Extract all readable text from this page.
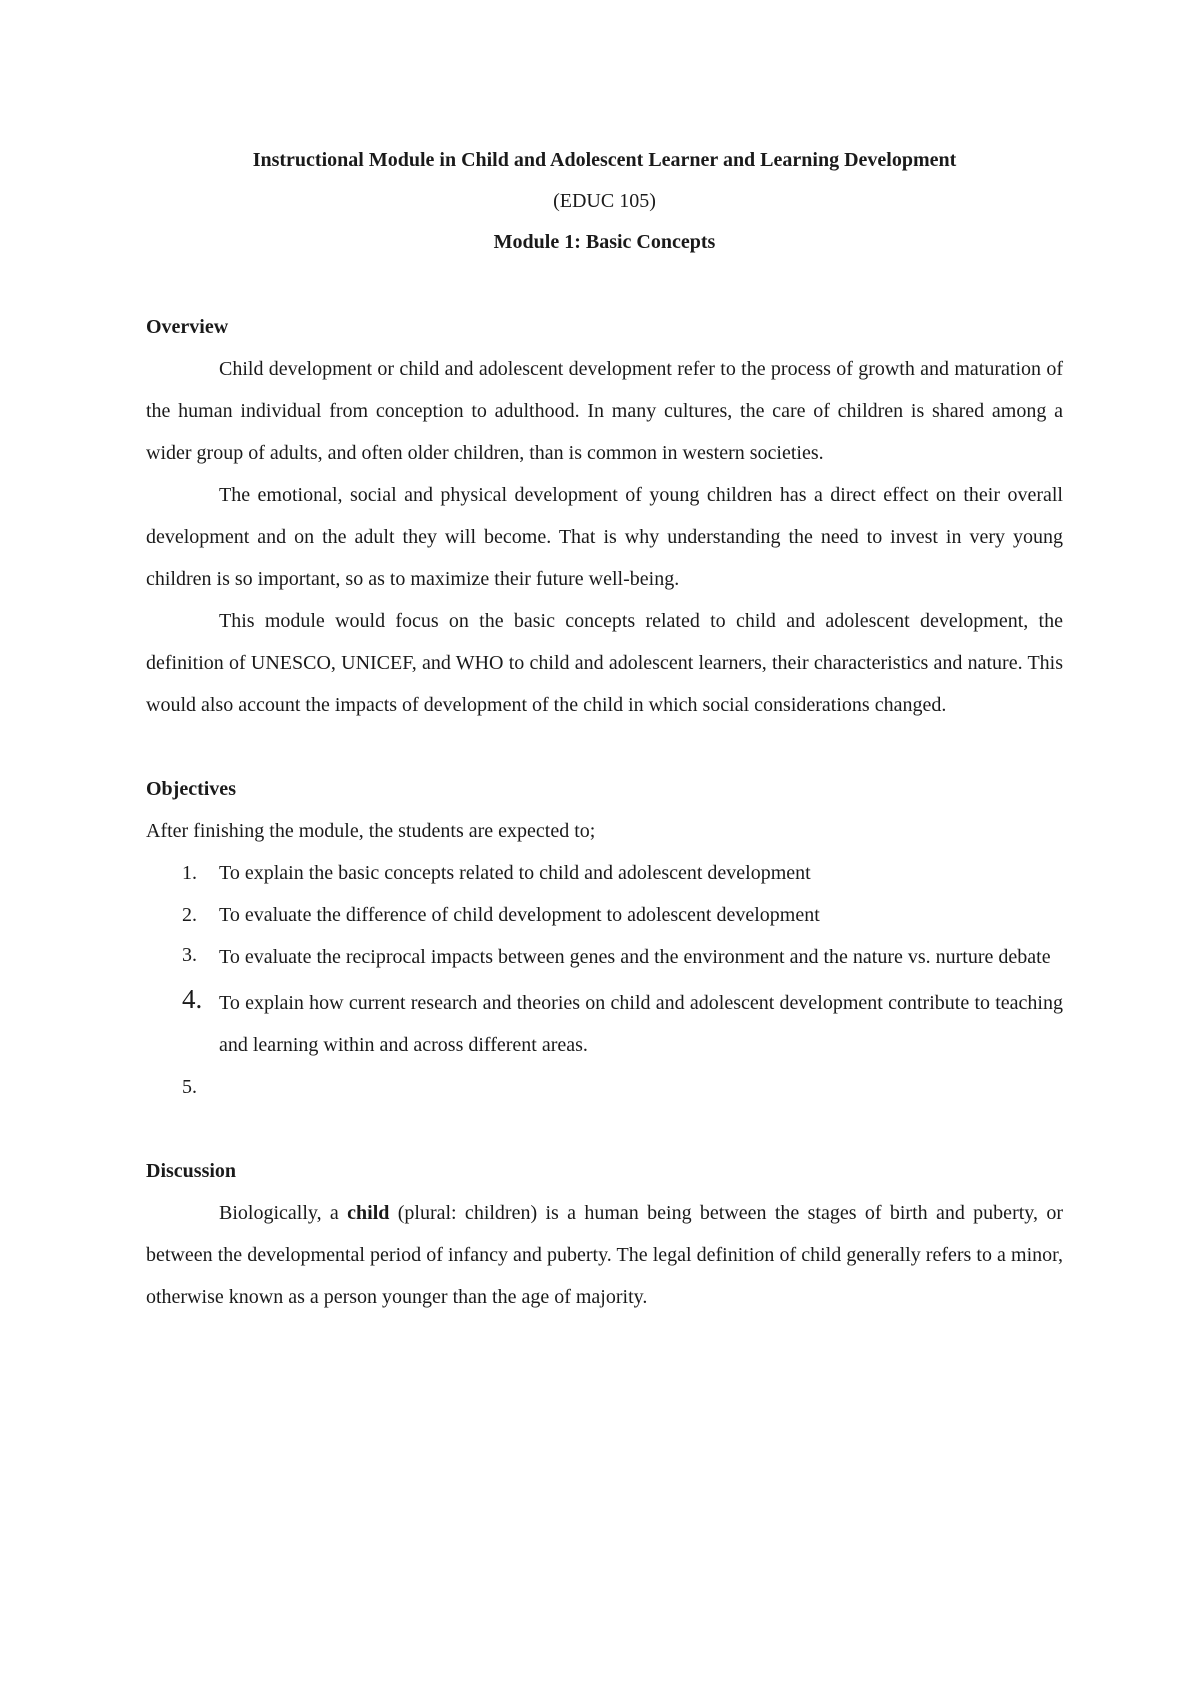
Instructional Module in Child and Adolescent Learner and Learning Development

(EDUC 105)

Module 1: Basic Concepts

Overview

Child development or child and adolescent development refer to the process of growth and maturation of the human individual from conception to adulthood. In many cultures, the care of children is shared among a wider group of adults, and often older children, than is common in western societies.

The emotional, social and physical development of young children has a direct effect on their overall development and on the adult they will become. That is why understanding the need to invest in very young children is so important, so as to maximize their future well-being.

This module would focus on the basic concepts related to child and adolescent development, the definition of UNESCO, UNICEF, and WHO to child and adolescent learners, their characteristics and nature. This would also account the impacts of development of the child in which social considerations changed.

Objectives

After finishing the module, the students are expected to;

1.	To explain the basic concepts related to child and adolescent development
2.	To evaluate the difference of child development to adolescent development
3.	To evaluate the reciprocal impacts between genes and the environment and the nature vs. nurture debate
4. To explain how current research and theories on child and adolescent development contribute to teaching and learning within and across different areas.
5.

Discussion

Biologically, a child (plural: children) is a human being between the stages of birth and puberty, or between the developmental period of infancy and puberty. The legal definition of child generally refers to a minor, otherwise known as a person younger than the age of majority.
